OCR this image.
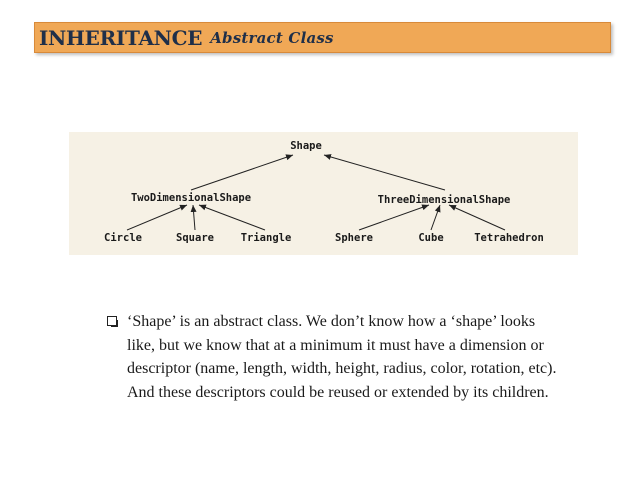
INHERITANCE Abstract Class
Shape
TwoDimensionalShape	ThreeDimensionalShape
Circle	Square	Triangle	Sphere	Cube	Tetrahedron
‘Shape’ is an abstract class. We don’t know how a ‘shape’ looks like, but we know that at a minimum it must have a dimension or descriptor (name, length, width, height, radius, color, rotation, etc). And these descriptors could be reused or extended by its children.
